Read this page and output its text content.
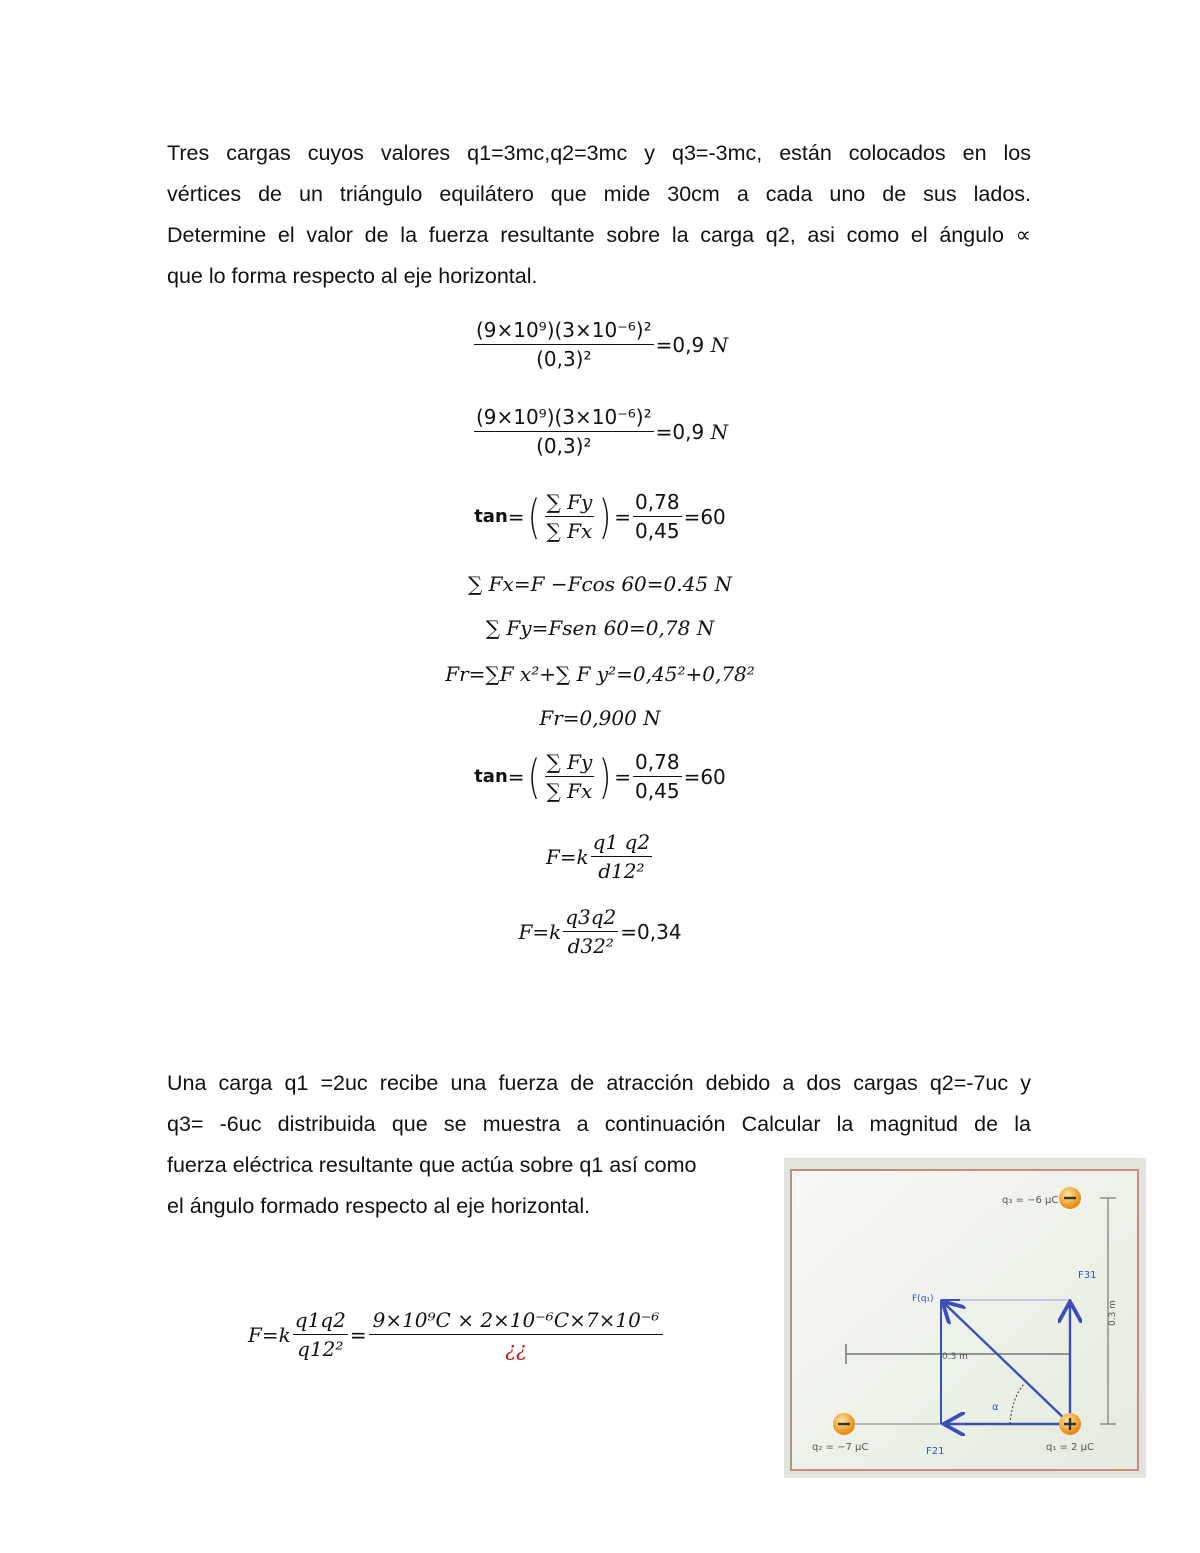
Tres cargas cuyos valores q1=3mc,q2=3mc y q3=-3mc, están colocados en los
vértices de un triángulo equilátero que mide 30cm a cada uno de sus lados.
Determine el valor de la fuerza resultante sobre la carga q2, asi como el ángulo ∝
que lo forma respecto al eje horizontal.
$\frac{\text{(9×10⁹)(3×10⁻⁶)²}}{\text{(0,3)²}} =0,9$
N
$\frac{\text{(9×10⁹)(3×10⁻⁶)²}}{\text{(0,3)²}} =0,9$
N
tan = ( $\frac{\sum Fy}{\sum Fx}$ ) = $\frac{0,78}{0,45} =60$
∑ Fx=F −Fcos 60=0.45 N
∑ Fy=Fsen 60=0,78 N
Fr=∑F x²+∑ F y²=0,45²+0,78²
Fr=0,900 N
tan = ( $\frac{\sum Fy}{\sum Fx}$ ) = $\frac{0,78}{0,45} =60$
$F=k \frac{q1 q2}{\text{d12²}}$
$F=k \frac{q3q2}{\text{d32²}} =0,34$
Una carga q1 =2uc recibe una fuerza de atracción debido a dos cargas q2=-7uc y
q3= -6uc distribuida que se muestra a continuación Calcular la magnitud de la
fuerza eléctrica resultante que actúa sobre q1 así como
el ángulo formado respecto al eje horizontal.
$F=k \frac{q1q2}{\text{q12²}} = \frac{\text{9×10⁹C × 2×10⁻⁶C×7×10⁻⁶}}{¿¿}$
q₃ = −6 μC
q₂ = −7 μC	q₁ = 2 μC
F31
F21
0.3 m
0.3 m
α
F(q₁)
